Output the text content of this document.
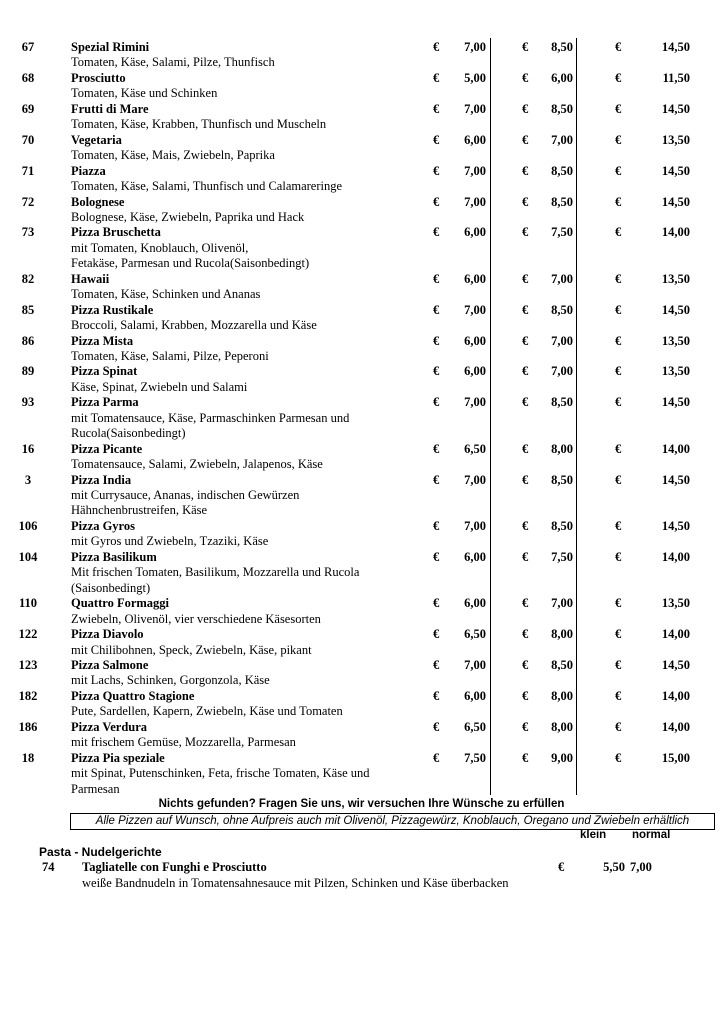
67	Spezial Rimini
Tomaten, Käse, Salami, Pilze, Thunfisch
€	7,00	€	8,50	€	14,50
68	Prosciutto
Tomaten, Käse und Schinken
€	5,00	€	6,00	€	11,50
69	Frutti di Mare
Tomaten, Käse, Krabben, Thunfisch und Muscheln
€	7,00	€	8,50	€	14,50
70	Vegetaria
Tomaten, Käse, Mais, Zwiebeln, Paprika
€	6,00	€	7,00	€	13,50
71	Piazza
Tomaten, Käse, Salami, Thunfisch und Calamareringe
€	7,00	€	8,50	€	14,50
72	Bolognese
Bolognese, Käse, Zwiebeln, Paprika und Hack
€	7,00	€	8,50	€	14,50
73	Pizza Bruschetta
mit Tomaten, Knoblauch, Olivenöl,
Fetakäse, Parmesan und Rucola(Saisonbedingt)
€	6,00	€	7,50	€	14,00
82	Hawaii
Tomaten, Käse, Schinken und Ananas
€	6,00	€	7,00	€	13,50
85	Pizza Rustikale
Broccoli, Salami, Krabben, Mozzarella und Käse
€	7,00	€	8,50	€	14,50
86	Pizza Mista
Tomaten, Käse, Salami, Pilze, Peperoni
€	6,00	€	7,00	€	13,50
89	Pizza Spinat
Käse, Spinat, Zwiebeln und Salami
€	6,00	€	7,00	€	13,50
93	Pizza Parma
mit Tomatensauce, Käse, Parmaschinken Parmesan und
Rucola(Saisonbedingt)
€	7,00	€	8,50	€	14,50
16	Pizza Picante
Tomatensauce, Salami, Zwiebeln, Jalapenos, Käse
€	6,50	€	8,00	€	14,00
3	Pizza India
mit Currysauce, Ananas, indischen Gewürzen
Hähnchenbrustreifen, Käse
€	7,00	€	8,50	€	14,50
106	Pizza Gyros
mit Gyros und Zwiebeln, Tzaziki, Käse
€	7,00	€	8,50	€	14,50
104	Pizza Basilikum
Mit frischen Tomaten, Basilikum, Mozzarella und Rucola
(Saisonbedingt)
€	6,00	€	7,50	€	14,00
110	Quattro Formaggi
Zwiebeln, Olivenöl, vier verschiedene Käsesorten
€	6,00	€	7,00	€	13,50
122	Pizza Diavolo
mit Chilibohnen, Speck, Zwiebeln, Käse, pikant
€	6,50	€	8,00	€	14,00
123	Pizza Salmone
mit Lachs, Schinken, Gorgonzola, Käse
€	7,00	€	8,50	€	14,50
182	Pizza Quattro Stagione
Pute, Sardellen, Kapern, Zwiebeln, Käse und Tomaten
€	6,00	€	8,00	€	14,00
186	Pizza Verdura
mit frischem Gemüse, Mozzarella, Parmesan
€	6,50	€	8,00	€	14,00
18	Pizza Pia speziale
mit Spinat, Putenschinken, Feta, frische Tomaten, Käse und
Parmesan
€	7,50	€	9,00	€	15,00
Nichts gefunden? Fragen Sie uns, wir versuchen Ihre Wünsche zu erfüllen
Alle Pizzen auf Wunsch, ohne Aufpreis auch mit Olivenöl, Pizzagewürz, Knoblauch, Oregano und Zwiebeln erhältlich
klein normal
Pasta - Nudelgerichte
74 Tagliatelle con Funghi e Prosciutto
weiße Bandnudeln in Tomatensahnesauce mit Pilzen, Schinken und Käse überbacken
€	5,50 7,00
